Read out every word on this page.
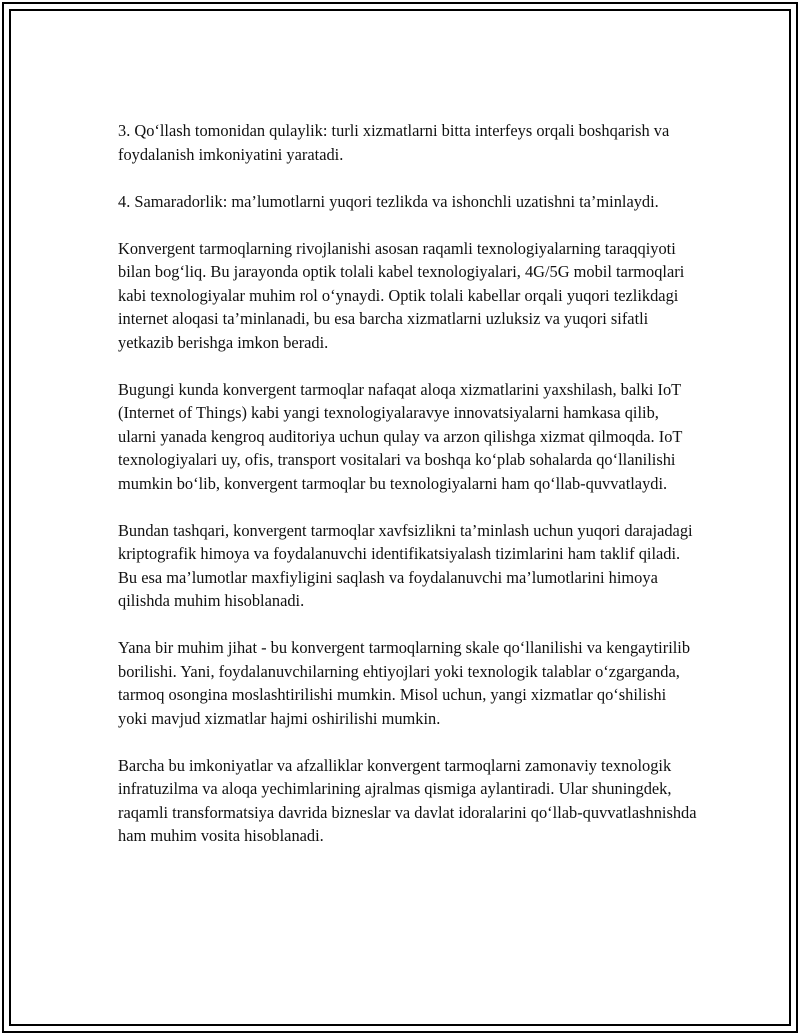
3. Qo‘llash tomonidan qulaylik: turli xizmatlarni bitta interfeys orqali boshqarish va foydalanish imkoniyatini yaratadi.

4. Samaradorlik: ma’lumotlarni yuqori tezlikda va ishonchli uzatishni ta’minlaydi.

Konvergent tarmoqlarning rivojlanishi asosan raqamli texnologiyalarning taraqqiyoti bilan bog‘liq. Bu jarayonda optik tolali kabel texnologiyalari, 4G/5G mobil tarmoqlari kabi texnologiyalar muhim rol o‘ynaydi. Optik tolali kabellar orqali yuqori tezlikdagi internet aloqasi ta’minlanadi, bu esa barcha xizmatlarni uzluksiz va yuqori sifatli yetkazib berishga imkon beradi.

Bugungi kunda konvergent tarmoqlar nafaqat aloqa xizmatlarini yaxshilash, balki IoT (Internet of Things) kabi yangi texnologiyalaravye innovatsiyalarni hamkasa qilib, ularni yanada kengroq auditoriya uchun qulay va arzon qilishga xizmat qilmoqda. IoT texnologiyalari uy, ofis, transport vositalari va boshqa ko‘plab sohalarda qo‘llanilishi mumkin bo‘lib, konvergent tarmoqlar bu texnologiyalarni ham qo‘llab-quvvatlaydi.

Bundan tashqari, konvergent tarmoqlar xavfsizlikni ta’minlash uchun yuqori darajadagi kriptografik himoya va foydalanuvchi identifikatsiyalash tizimlarini ham taklif qiladi. Bu esa ma’lumotlar maxfiyligini saqlash va foydalanuvchi ma’lumotlarini himoya qilishda muhim hisoblanadi.

Yana bir muhim jihat - bu konvergent tarmoqlarning skale qo‘llanilishi va kengaytirilib borilishi. Yani, foydalanuvchilarning ehtiyojlari yoki texnologik talablar o‘zgarganda, tarmoq osongina moslashtirilishi mumkin. Misol uchun, yangi xizmatlar qo‘shilishi yoki mavjud xizmatlar hajmi oshirilishi mumkin.

Barcha bu imkoniyatlar va afzalliklar konvergent tarmoqlarni zamonaviy texnologik infratuzilma va aloqa yechimlarining ajralmas qismiga aylantiradi. Ular shuningdek, raqamli transformatsiya davrida bizneslar va davlat idoralarini qo‘llab-quvvatlashnishda ham muhim vosita hisoblanadi.
